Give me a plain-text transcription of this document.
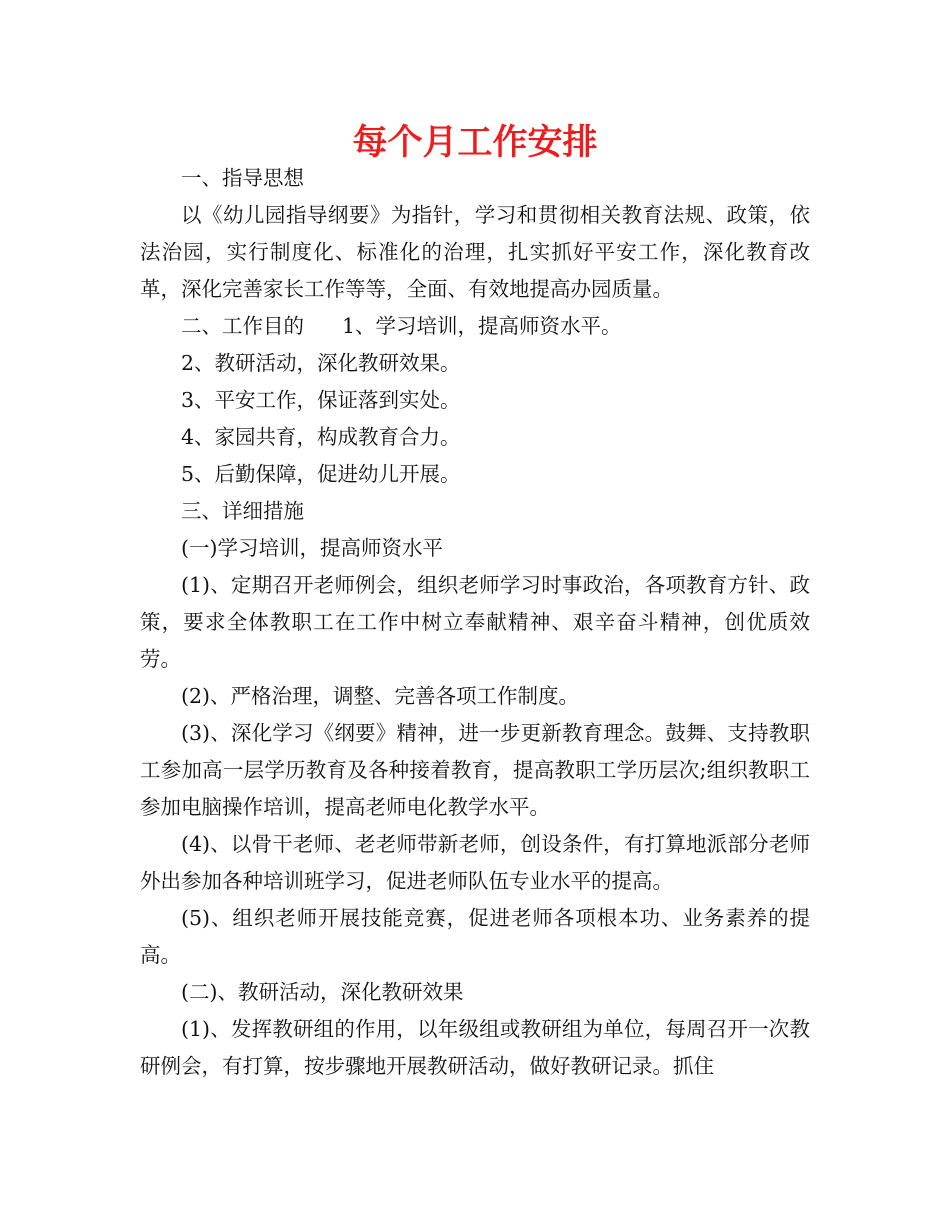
每个月工作安排

一、指导思想

以《幼儿园指导纲要》为指针，学习和贯彻相关教育法规、政策，依法治园，实行制度化、标准化的治理，扎实抓好平安工作，深化教育改革，深化完善家长工作等等，全面、有效地提高办园质量。

二、工作目的 1、学习培训，提高师资水平。

2、教研活动，深化教研效果。

3、平安工作，保证落到实处。

4、家园共育，构成教育合力。

5、后勤保障，促进幼儿开展。

三、详细措施

(一)学习培训，提高师资水平

(1)、定期召开老师例会，组织老师学习时事政治，各项教育方针、政策，要求全体教职工在工作中树立奉献精神、艰辛奋斗精神，创优质效劳。

(2)、严格治理，调整、完善各项工作制度。

(3)、深化学习《纲要》精神，进一步更新教育理念。鼓舞、支持教职工参加高一层学历教育及各种接着教育，提高教职工学历层次;组织教职工参加电脑操作培训，提高老师电化教学水平。

(4)、以骨干老师、老老师带新老师，创设条件，有打算地派部分老师外出参加各种培训班学习，促进老师队伍专业水平的提高。

(5)、组织老师开展技能竞赛，促进老师各项根本功、业务素养的提高。

(二)、教研活动，深化教研效果

(1)、发挥教研组的作用，以年级组或教研组为单位，每周召开一次教研例会，有打算，按步骤地开展教研活动，做好教研记录。抓住
